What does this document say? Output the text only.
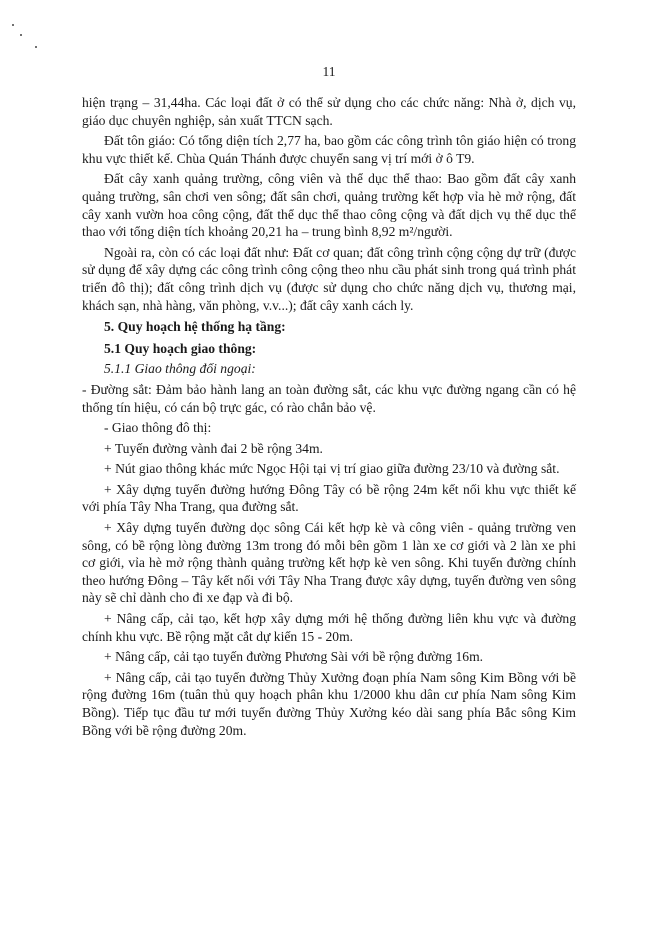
11

hiện trạng – 31,44ha. Các loại đất ở có thể sử dụng cho các chức năng: Nhà ở, dịch vụ, giáo dục chuyên nghiệp, sản xuất TTCN sạch.

Đất tôn giáo: Có tổng diện tích 2,77 ha, bao gồm các công trình tôn giáo hiện có trong khu vực thiết kế. Chùa Quán Thánh được chuyển sang vị trí mới ở ô T9.

Đất cây xanh quảng trường, công viên và thể dục thể thao: Bao gồm đất cây xanh quảng trường, sân chơi ven sông; đất sân chơi, quảng trường kết hợp vỉa hè mở rộng, đất cây xanh vườn hoa công cộng, đất thể dục thể thao công cộng và đất dịch vụ thể dục thể thao với tổng diện tích khoảng 20,21 ha – trung bình 8,92 m²/người.

Ngoài ra, còn có các loại đất như: Đất cơ quan; đất công trình cộng cộng dự trữ (được sử dụng để xây dựng các công trình công cộng theo nhu cầu phát sinh trong quá trình phát triển đô thị); đất công trình dịch vụ (được sử dụng cho chức năng dịch vụ, thương mại, khách sạn, nhà hàng, văn phòng, v.v...); đất cây xanh cách ly.

5. Quy hoạch hệ thống hạ tầng:

5.1 Quy hoạch giao thông:

5.1.1 Giao thông đối ngoại:

- Đường sắt: Đảm bảo hành lang an toàn đường sắt, các khu vực đường ngang cần có hệ thống tín hiệu, có cán bộ trực gác, có rào chắn bảo vệ.

- Giao thông đô thị:

+ Tuyến đường vành đai 2 bề rộng 34m.

+ Nút giao thông khác mức Ngọc Hội tại vị trí giao giữa đường 23/10 và đường sắt.

+ Xây dựng tuyến đường hướng Đông Tây có bề rộng 24m kết nối khu vực thiết kế với phía Tây Nha Trang, qua đường sắt.

+ Xây dựng tuyến đường dọc sông Cái kết hợp kè và công viên - quảng trường ven sông, có bề rộng lòng đường 13m trong đó mỗi bên gồm 1 làn xe cơ giới và 2 làn xe phi cơ giới, vỉa hè mở rộng thành quảng trường kết hợp kè ven sông. Khi tuyến đường chính theo hướng Đông – Tây kết nối với Tây Nha Trang được xây dựng, tuyến đường ven sông này sẽ chỉ dành cho đi xe đạp và đi bộ.

+ Nâng cấp, cải tạo, kết hợp xây dựng mới hệ thống đường liên khu vực và đường chính khu vực. Bề rộng mặt cắt dự kiến 15 - 20m.

+ Nâng cấp, cải tạo tuyến đường Phương Sài với bề rộng đường 16m.

+ Nâng cấp, cải tạo tuyến đường Thủy Xưởng đoạn phía Nam sông Kim Bồng với bề rộng đường 16m (tuân thủ quy hoạch phân khu 1/2000 khu dân cư phía Nam sông Kim Bồng). Tiếp tục đầu tư mới tuyến đường Thủy Xưởng kéo dài sang phía Bắc sông Kim Bồng với bề rộng đường 20m.
